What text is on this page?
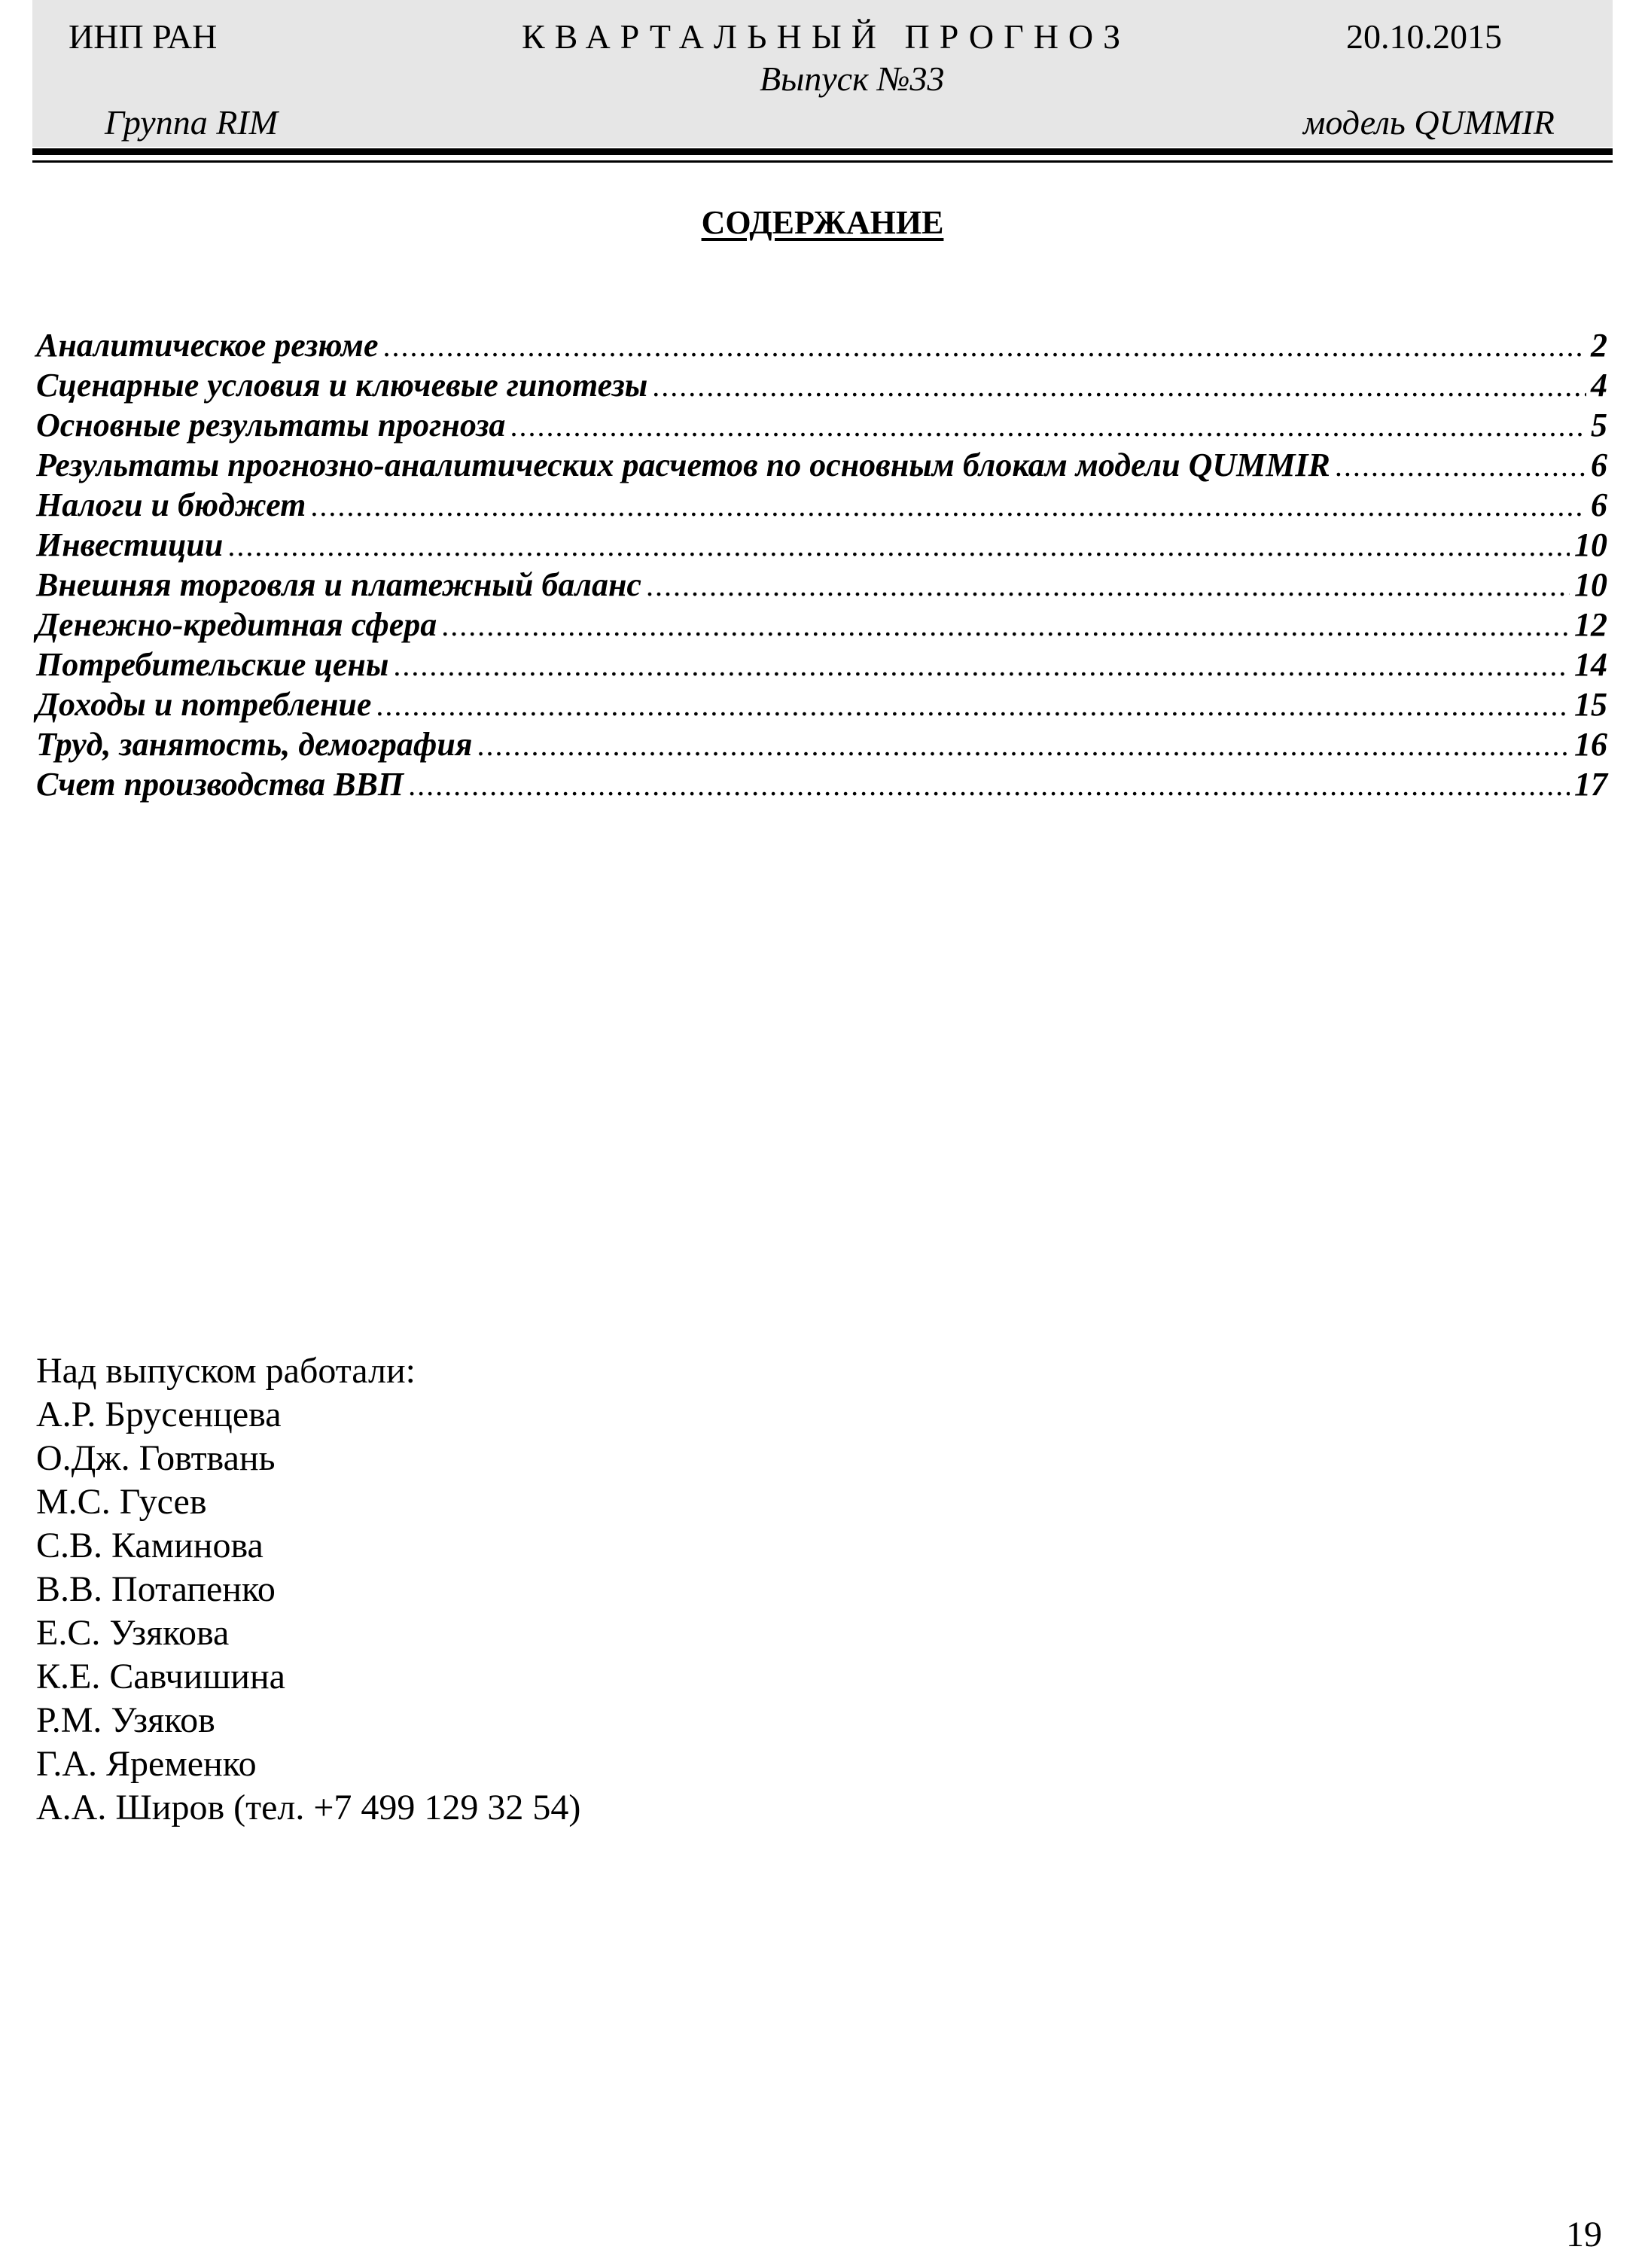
ИНП РАН	КВАРТАЛЬНЫЙ ПРОГНОЗ	20.10.2015
Выпуск №33
Группа RIM	модель QUMMIR
СОДЕРЖАНИЕ
Аналитическое резюме .....	2
Сценарные условия и ключевые гипотезы .....	4
Основные результаты прогноза .....	5
Результаты прогнозно-аналитических расчетов по основным блокам модели QUMMIR .....	6
Налоги и бюджет .....	6
Инвестиции .....	10
Внешняя торговля и платежный баланс .....	10
Денежно-кредитная сфера .....	12
Потребительские цены .....	14
Доходы и потребление .....	15
Труд, занятость, демография .....	16
Счет производства ВВП .....	17
Над выпуском работали:
А.Р. Брусенцева
О.Дж. Говтвань
М.С. Гусев
С.В. Каминова
В.В. Потапенко
Е.С. Узякова
К.Е. Савчишина
Р.М. Узяков
Г.А. Яременко
А.А. Широв (тел. +7 499 129 32 54)
19
